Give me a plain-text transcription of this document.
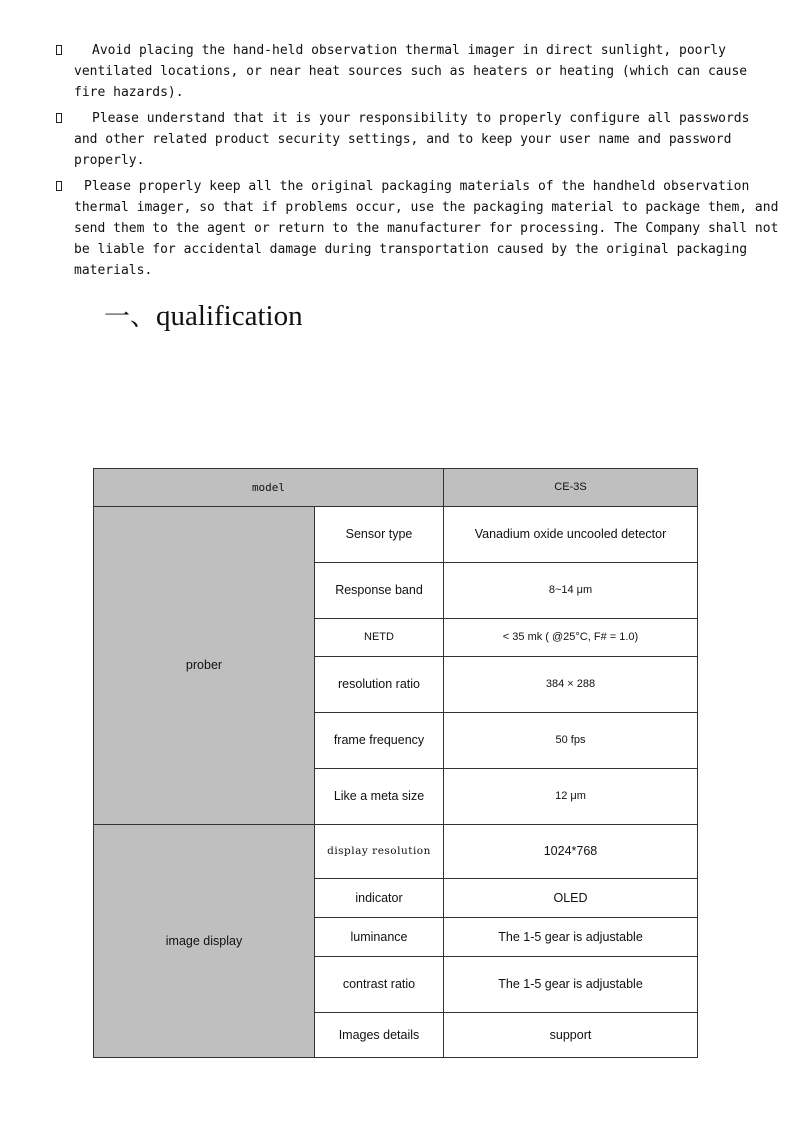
Avoid placing the hand-held observation thermal imager in direct sunlight, poorly ventilated locations, or near heat sources such as heaters or heating (which can cause fire hazards).
Please understand that it is your responsibility to properly configure all passwords and other related product security settings, and to keep your user name and password properly.
Please properly keep all the original packaging materials of the handheld observation thermal imager, so that if problems occur, use the packaging material to package them, and send them to the agent or return to the manufacturer for processing. The Company shall not be liable for accidental damage during transportation caused by the original packaging materials.
一、qualification
model		CE-3S
prober	Sensor type	Vanadium oxide uncooled detector
	Response band	8~14 μm
	NETD	< 35 mk ( @25°C, F# = 1.0)
	resolution ratio	384 × 288
	frame frequency	50 fps
	Like a meta size	12 μm
image display	display resolution	1024*768
	indicator	OLED
	luminance	The 1-5 gear is adjustable
	contrast ratio	The 1-5 gear is adjustable
	Images details	support
